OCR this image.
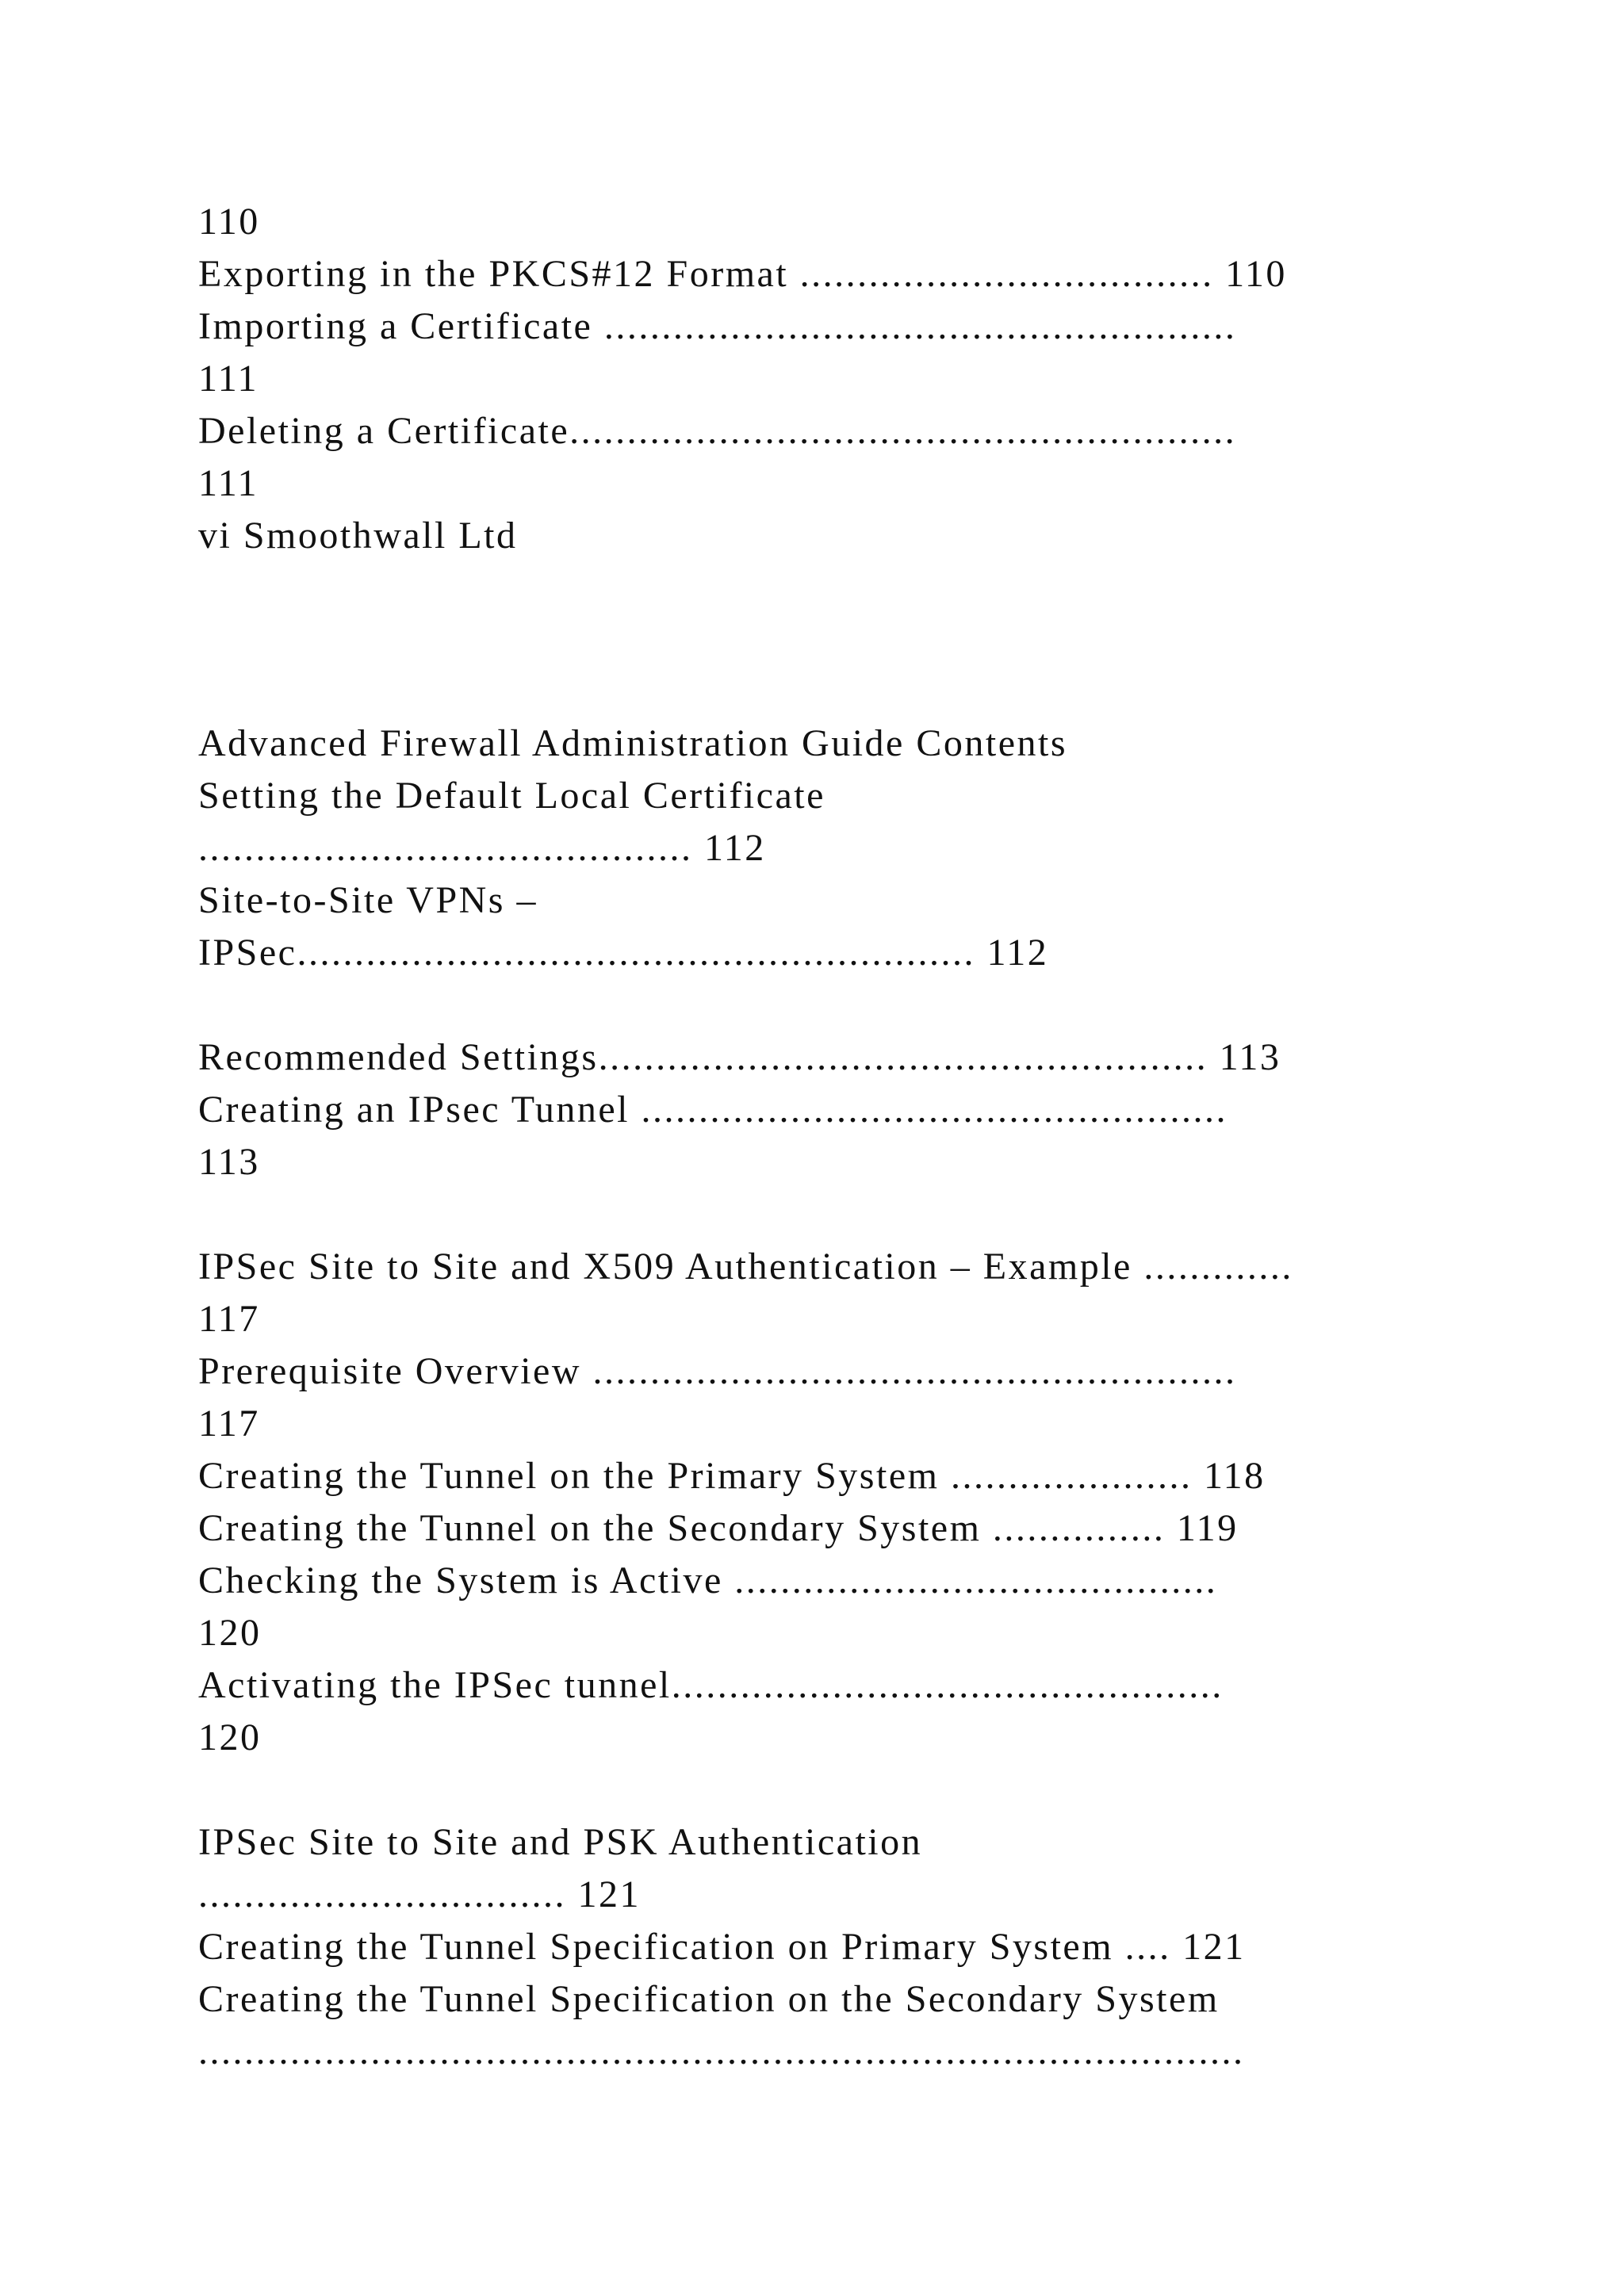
110
Exporting in the PKCS#12 Format .................................... 110
Importing a Certificate .......................................................
111
Deleting a Certificate..........................................................
111
vi Smoothwall Ltd
Advanced Firewall Administration Guide Contents
Setting the Default Local Certificate
........................................... 112
Site-to-Site VPNs –
IPSec........................................................... 112
Recommended Settings..................................................... 113
Creating an IPsec Tunnel ...................................................
113
IPSec Site to Site and X509 Authentication – Example .............
117
Prerequisite Overview ........................................................
117
Creating the Tunnel on the Primary System ..................... 118
Creating the Tunnel on the Secondary System ............... 119
Checking the System is Active ..........................................
120
Activating the IPSec tunnel................................................
120
IPSec Site to Site and PSK Authentication
................................ 121
Creating the Tunnel Specification on Primary System .... 121
Creating the Tunnel Specification on the Secondary System
...........................................................................................
